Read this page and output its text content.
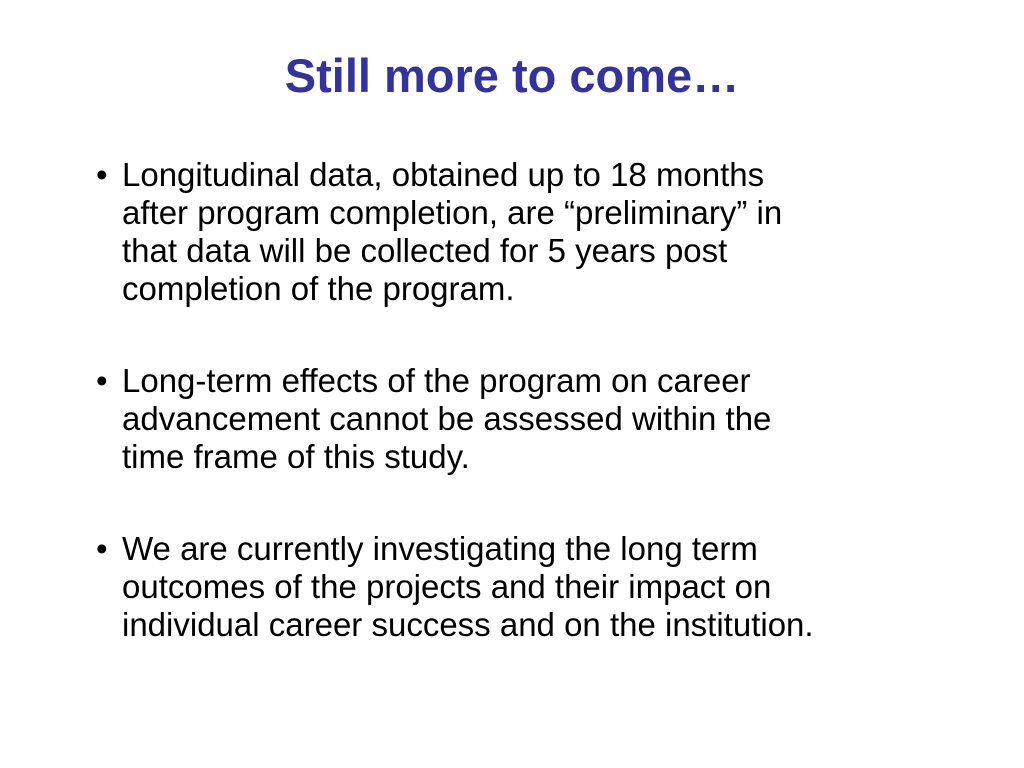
Still more to come…
• Longitudinal data, obtained up to 18 months
after program completion, are “preliminary” in
that data will be collected for 5 years post
completion of the program.
• Long-term effects of the program on career
advancement cannot be assessed within the
time frame of this study.
• We are currently investigating the long term
outcomes of the projects and their impact on
individual career success and on the institution.
